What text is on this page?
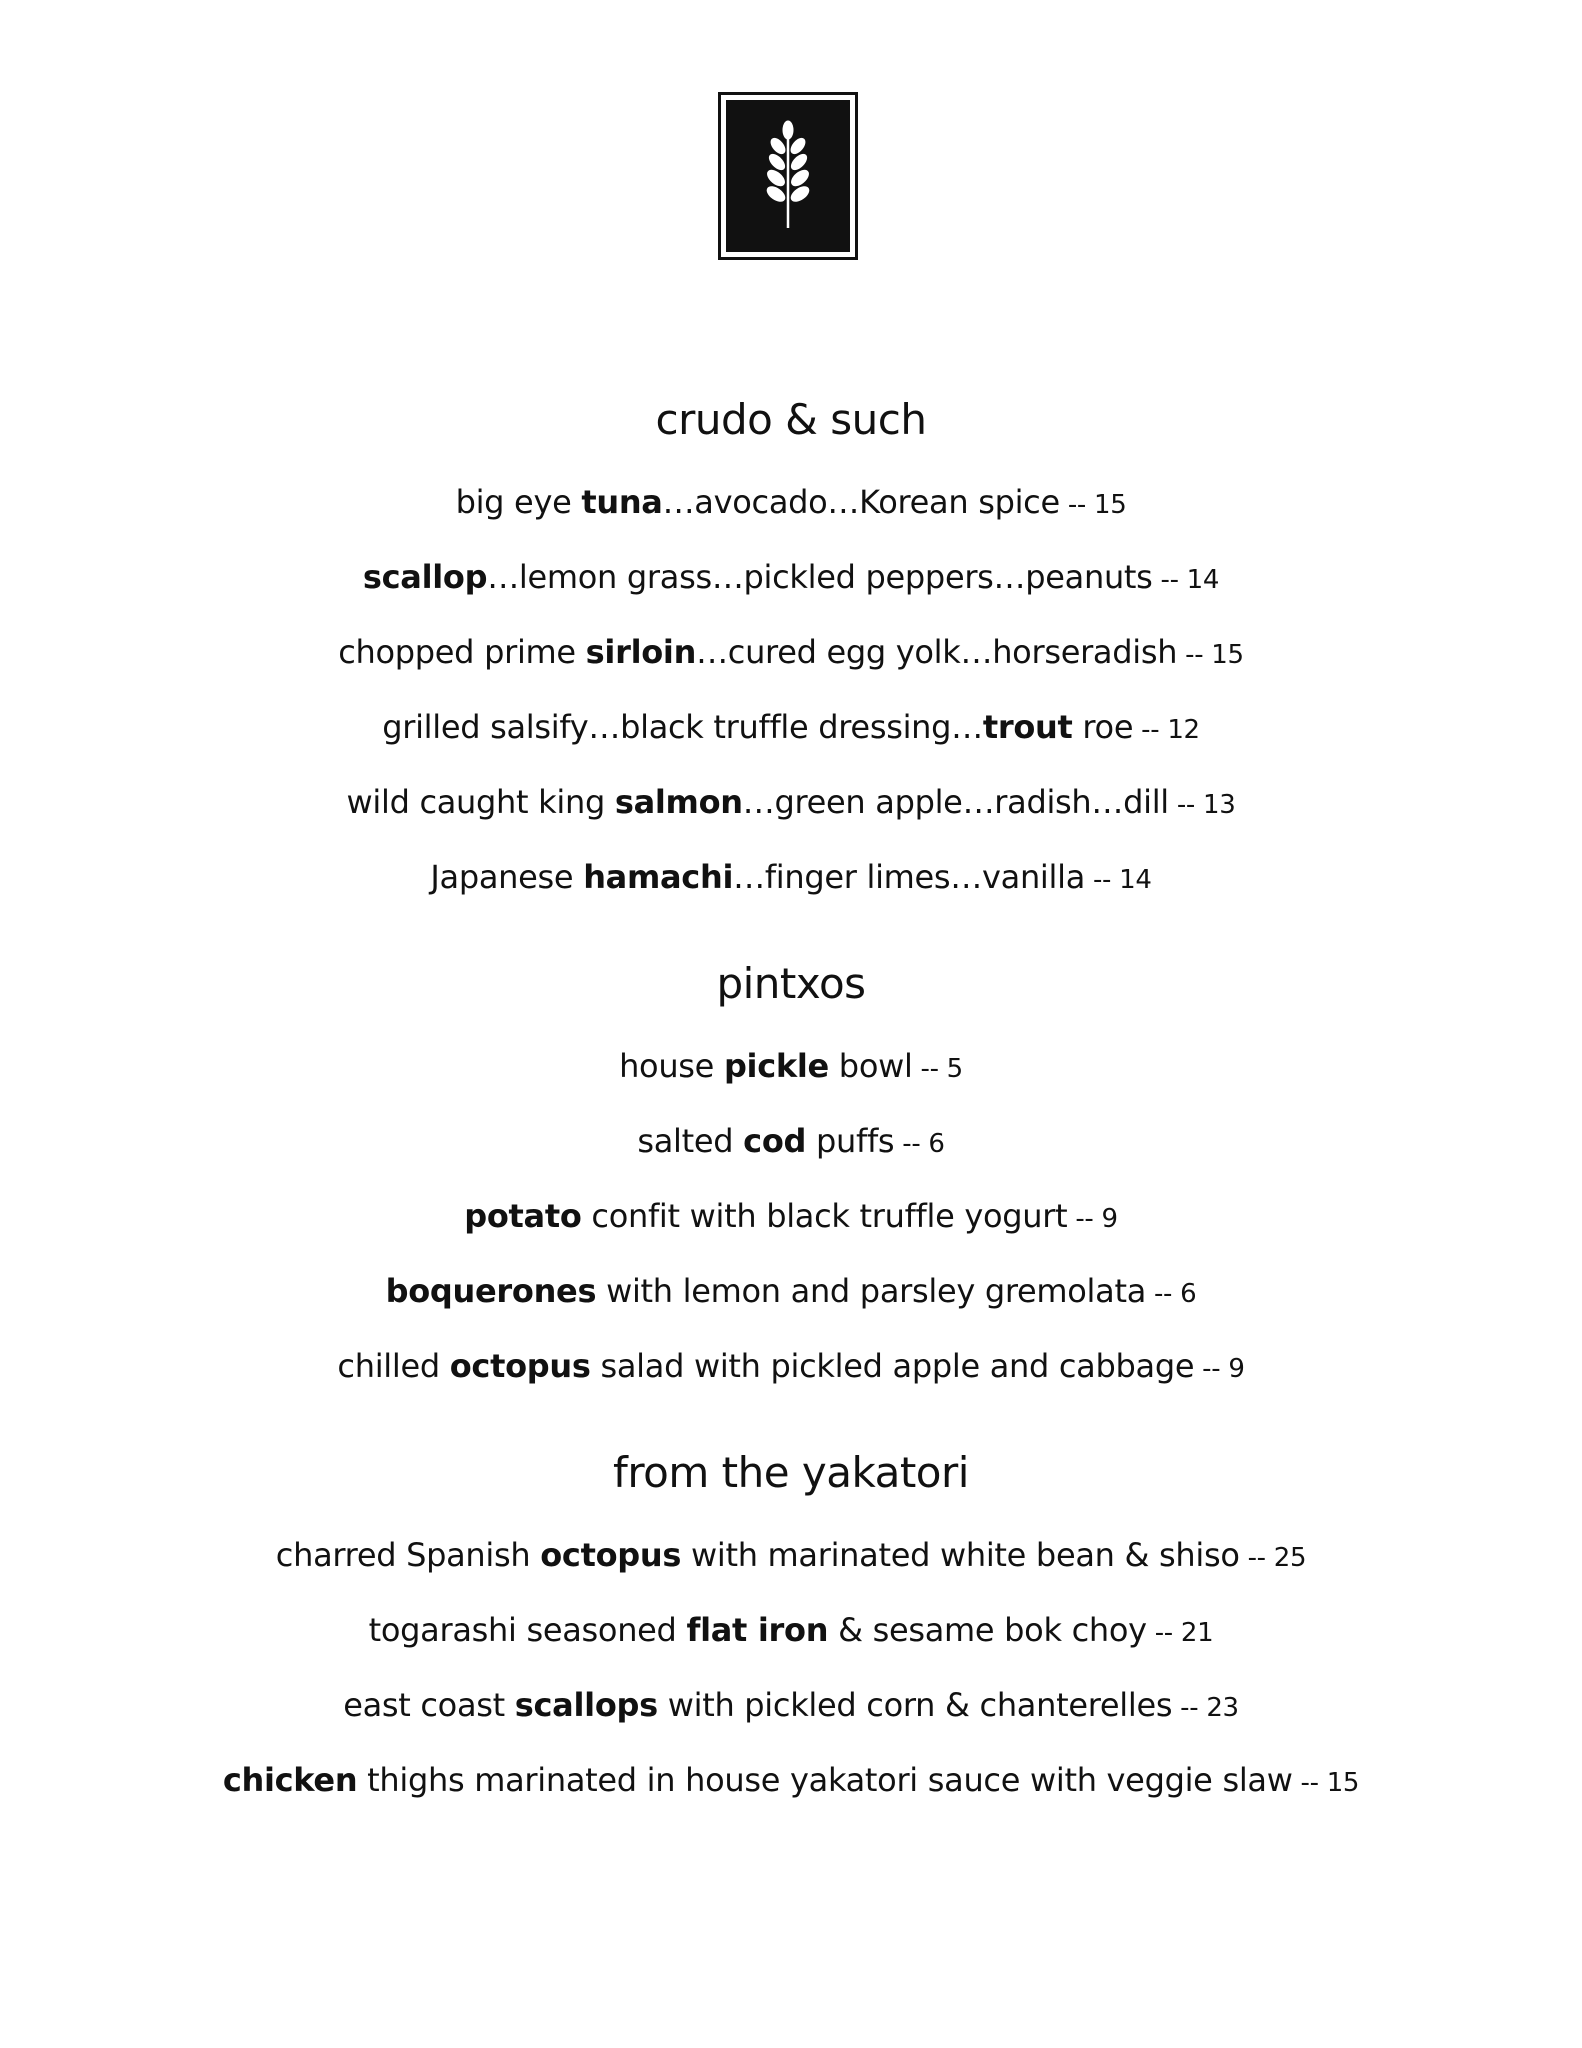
crudo & such
big eye tuna…avocado…Korean spice -- 15
scallop…lemon grass…pickled peppers…peanuts -- 14
chopped prime sirloin…cured egg yolk…horseradish -- 15
grilled salsify…black truffle dressing…trout roe -- 12
wild caught king salmon…green apple…radish…dill -- 13
Japanese hamachi…finger limes…vanilla -- 14
pintxos
house pickle bowl -- 5
salted cod puffs -- 6
potato confit with black truffle yogurt -- 9
boquerones with lemon and parsley gremolata -- 6
chilled octopus salad with pickled apple and cabbage -- 9
from the yakatori
charred Spanish octopus with marinated white bean & shiso -- 25
togarashi seasoned flat iron & sesame bok choy -- 21
east coast scallops with pickled corn & chanterelles -- 23
chicken thighs marinated in house yakatori sauce with veggie slaw -- 15
